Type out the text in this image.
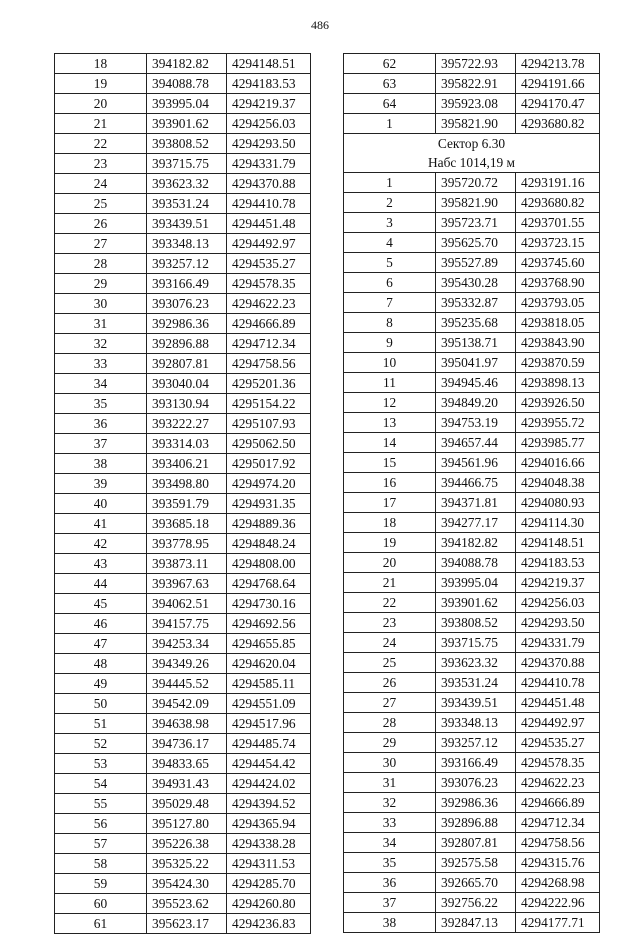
486
18	394182.82	4294148.51
19	394088.78	4294183.53
20	393995.04	4294219.37
21	393901.62	4294256.03
22	393808.52	4294293.50
23	393715.75	4294331.79
24	393623.32	4294370.88
25	393531.24	4294410.78
26	393439.51	4294451.48
27	393348.13	4294492.97
28	393257.12	4294535.27
29	393166.49	4294578.35
30	393076.23	4294622.23
31	392986.36	4294666.89
32	392896.88	4294712.34
33	392807.81	4294758.56
34	393040.04	4295201.36
35	393130.94	4295154.22
36	393222.27	4295107.93
37	393314.03	4295062.50
38	393406.21	4295017.92
39	393498.80	4294974.20
40	393591.79	4294931.35
41	393685.18	4294889.36
42	393778.95	4294848.24
43	393873.11	4294808.00
44	393967.63	4294768.64
45	394062.51	4294730.16
46	394157.75	4294692.56
47	394253.34	4294655.85
48	394349.26	4294620.04
49	394445.52	4294585.11
50	394542.09	4294551.09
51	394638.98	4294517.96
52	394736.17	4294485.74
53	394833.65	4294454.42
54	394931.43	4294424.02
55	395029.48	4294394.52
56	395127.80	4294365.94
57	395226.38	4294338.28
58	395325.22	4294311.53
59	395424.30	4294285.70
60	395523.62	4294260.80
61	395623.17	4294236.83
62	395722.93	4294213.78
63	395822.91	4294191.66
64	395923.08	4294170.47
1	395821.90	4293680.82
Сектор 6.30		
Набс 1014,19 м		
1	395720.72	4293191.16
2	395821.90	4293680.82
3	395723.71	4293701.55
4	395625.70	4293723.15
5	395527.89	4293745.60
6	395430.28	4293768.90
7	395332.87	4293793.05
8	395235.68	4293818.05
9	395138.71	4293843.90
10	395041.97	4293870.59
11	394945.46	4293898.13
12	394849.20	4293926.50
13	394753.19	4293955.72
14	394657.44	4293985.77
15	394561.96	4294016.66
16	394466.75	4294048.38
17	394371.81	4294080.93
18	394277.17	4294114.30
19	394182.82	4294148.51
20	394088.78	4294183.53
21	393995.04	4294219.37
22	393901.62	4294256.03
23	393808.52	4294293.50
24	393715.75	4294331.79
25	393623.32	4294370.88
26	393531.24	4294410.78
27	393439.51	4294451.48
28	393348.13	4294492.97
29	393257.12	4294535.27
30	393166.49	4294578.35
31	393076.23	4294622.23
32	392986.36	4294666.89
33	392896.88	4294712.34
34	392807.81	4294758.56
35	392575.58	4294315.76
36	392665.70	4294268.98
37	392756.22	4294222.96
38	392847.13	4294177.71
